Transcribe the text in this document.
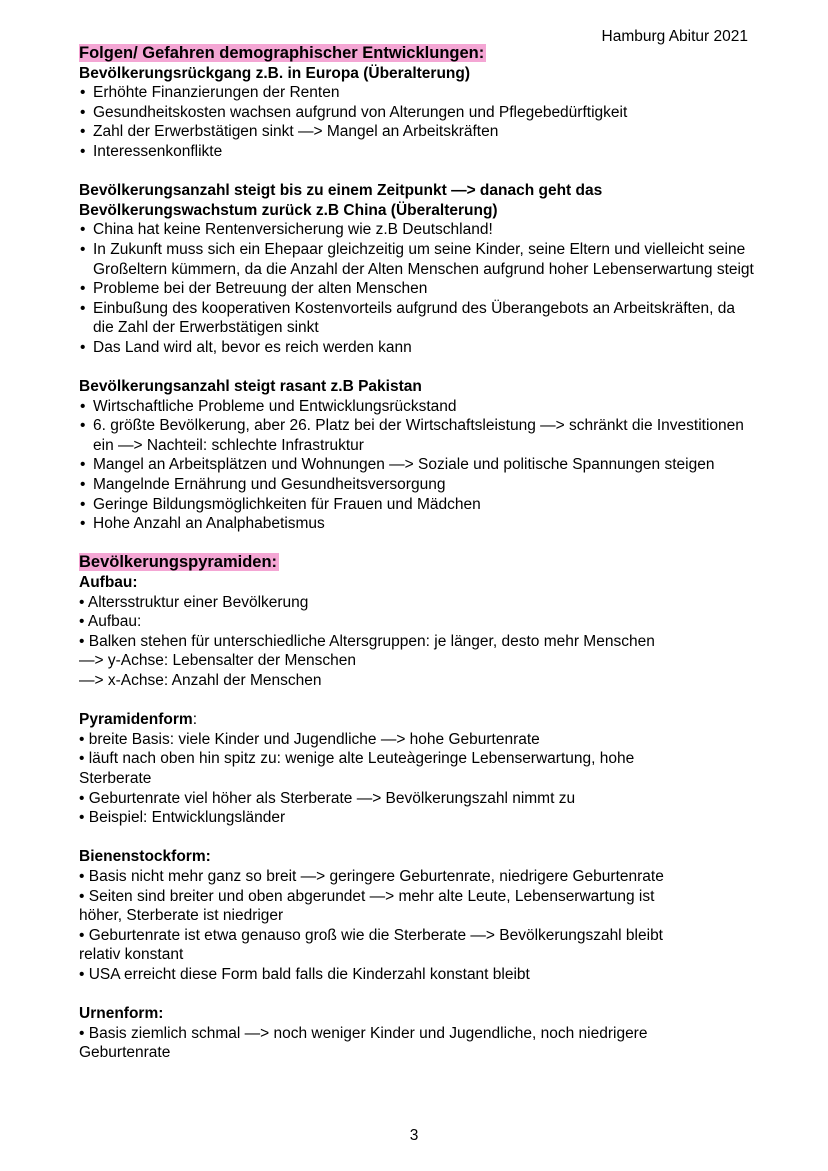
Hamburg Abitur 2021
Folgen/ Gefahren demographischer Entwicklungen:
Bevölkerungsrückgang z.B. in Europa (Überalterung)
• Erhöhte Finanzierungen der Renten
• Gesundheitskosten wachsen aufgrund von Alterungen und Pflegebedürftigkeit
• Zahl der Erwerbstätigen sinkt —> Mangel an Arbeitskräften
• Interessenkonflikte
Bevölkerungsanzahl steigt bis zu einem Zeitpunkt —> danach geht das
Bevölkerungswachstum zurück z.B China (Überalterung)
• China hat keine Rentenversicherung wie z.B Deutschland!
• In Zukunft muss sich ein Ehepaar gleichzeitig um seine Kinder, seine Eltern und vielleicht seine Großeltern kümmern, da die Anzahl der Alten Menschen aufgrund hoher Lebenserwartung steigt
• Probleme bei der Betreuung der alten Menschen
• Einbußung des kooperativen Kostenvorteils aufgrund des Überangebots an Arbeitskräften, da die Zahl der Erwerbstätigen sinkt
• Das Land wird alt, bevor es reich werden kann
Bevölkerungsanzahl steigt rasant z.B Pakistan
• Wirtschaftliche Probleme und Entwicklungsrückstand
• 6. größte Bevölkerung, aber 26. Platz bei der Wirtschaftsleistung —> schränkt die Investitionen ein —> Nachteil: schlechte Infrastruktur
• Mangel an Arbeitsplätzen und Wohnungen —> Soziale und politische Spannungen steigen
• Mangelnde Ernährung und Gesundheitsversorgung
• Geringe Bildungsmöglichkeiten für Frauen und Mädchen
• Hohe Anzahl an Analphabetismus
Bevölkerungspyramiden:
Aufbau:
• Altersstruktur einer Bevölkerung
• Aufbau:
• Balken stehen für unterschiedliche Altersgruppen: je länger, desto mehr Menschen
—> y-Achse: Lebensalter der Menschen
—> x-Achse: Anzahl der Menschen
Pyramidenform:
• breite Basis: viele Kinder und Jugendliche —> hohe Geburtenrate
• läuft nach oben hin spitz zu: wenige alte Leuteàgeringe Lebenserwartung, hohe
Sterberate
• Geburtenrate viel höher als Sterberate —> Bevölkerungszahl nimmt zu
• Beispiel: Entwicklungsländer
Bienenstockform:
• Basis nicht mehr ganz so breit —> geringere Geburtenrate, niedrigere Geburtenrate
• Seiten sind breiter und oben abgerundet —> mehr alte Leute, Lebenserwartung ist
höher, Sterberate ist niedriger
• Geburtenrate ist etwa genauso groß wie die Sterberate —> Bevölkerungszahl bleibt
relativ konstant
• USA erreicht diese Form bald falls die Kinderzahl konstant bleibt
Urnenform:
• Basis ziemlich schmal —> noch weniger Kinder und Jugendliche, noch niedrigere
Geburtenrate
3
